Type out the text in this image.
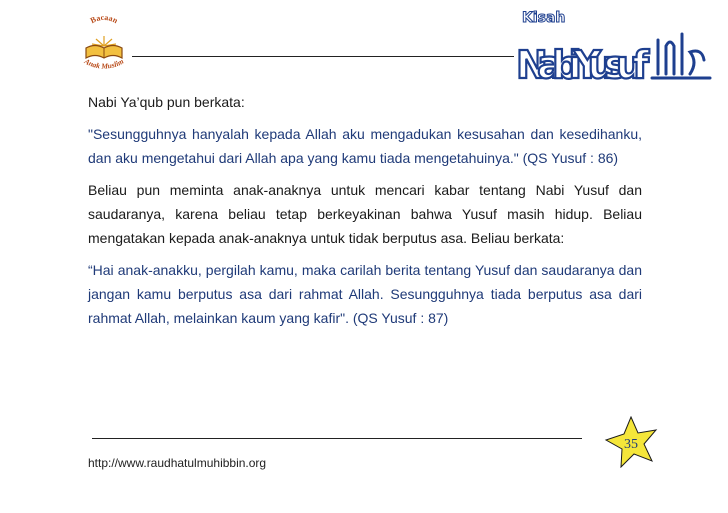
Bacaan
Anak Muslim
Kisah
Nabi Yusuf

Nabi Ya’qub pun berkata:

"Sesungguhnya hanyalah kepada Allah aku mengadukan kesusahan dan kesedihanku, dan aku mengetahui dari Allah apa yang kamu tiada mengetahuinya." (QS Yusuf : 86)

Beliau pun meminta anak-anaknya untuk mencari kabar tentang Nabi Yusuf dan saudaranya, karena beliau tetap berkeyakinan bahwa Yusuf masih hidup. Beliau mengatakan kepada anak-anaknya untuk tidak berputus asa. Beliau berkata:

“Hai anak-anakku, pergilah kamu, maka carilah berita tentang Yusuf dan saudaranya dan jangan kamu berputus asa dari rahmat Allah. Sesungguhnya tiada berputus asa dari rahmat Allah, melainkan kaum yang kafir". (QS Yusuf : 87)

35
http://www.raudhatulmuhibbin.org
